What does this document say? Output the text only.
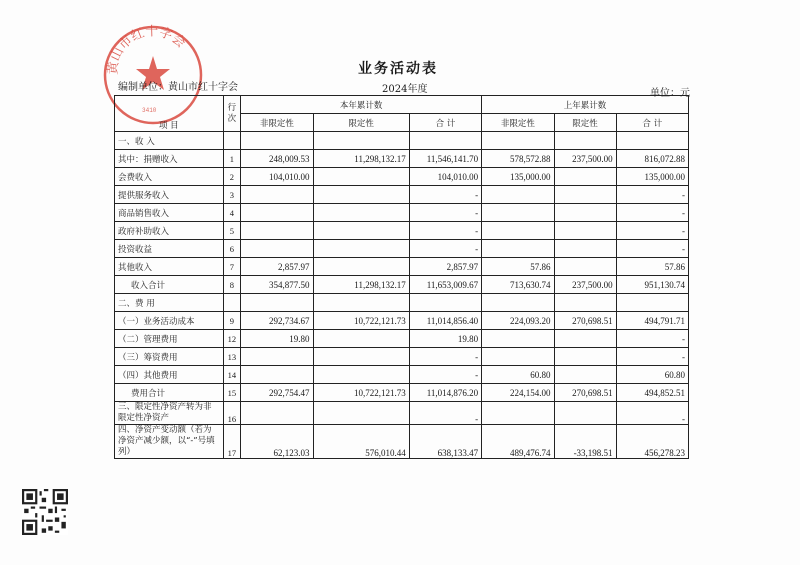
黄山市红十字会
3410
业务活动表
2024年度
编制单位：黄山市红十字会
单位：元
项 目	行次	本年累计数			上年累计数		
		非限定性	限定性	合 计	非限定性	限定性	合 计
一、收 入							
其中：捐赠收入	1	248,009.53	11,298,132.17	11,546,141.70	578,572.88	237,500.00	816,072.88
会费收入	2	104,010.00		104,010.00	135,000.00		135,000.00
提供服务收入	3			-			-
商品销售收入	4			-			-
政府补助收入	5			-			-
投资收益	6			-			-
其他收入	7	2,857.97		2,857.97	57.86		57.86
收入合计	8	354,877.50	11,298,132.17	11,653,009.67	713,630.74	237,500.00	951,130.74
二、费 用							
（一）业务活动成本	9	292,734.67	10,722,121.73	11,014,856.40	224,093.20	270,698.51	494,791.71
（二）管理费用	12	19.80		19.80			-
（三）筹资费用	13			-			-
（四）其他费用	14			-	60.80		60.80
费用合计	15	292,754.47	10,722,121.73	11,014,876.20	224,154.00	270,698.51	494,852.51
三、限定性净资产转为非限定性净资产	16			-			-
四、净资产变动额（若为净资产减少额，以“-”号填列）	17	62,123.03	576,010.44	638,133.47	489,476.74	-33,198.51	456,278.23
